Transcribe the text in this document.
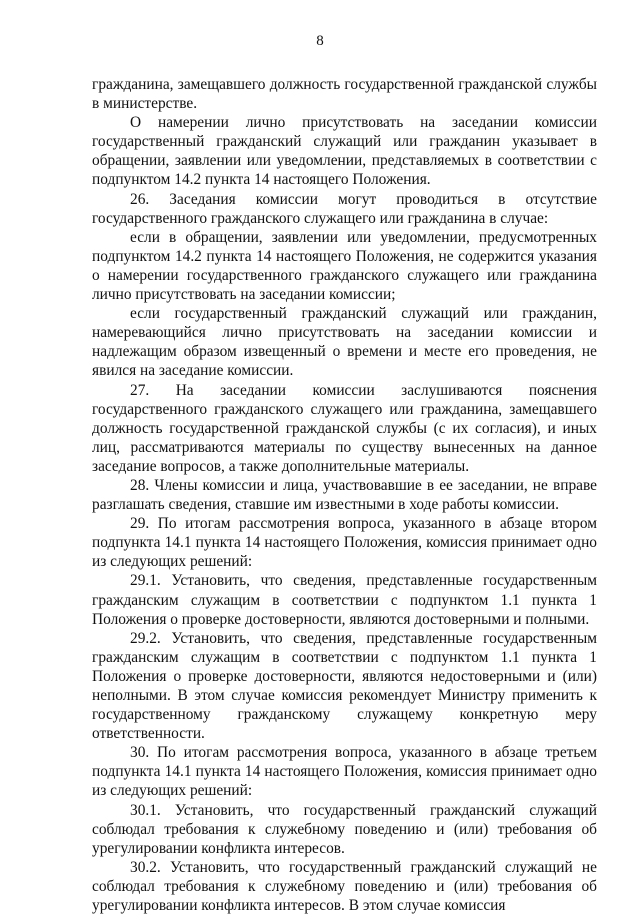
8

гражданина, замещавшего должность государственной гражданской службы в министерстве.

О намерении лично присутствовать на заседании комиссии государственный гражданский служащий или гражданин указывает в обращении, заявлении или уведомлении, представляемых в соответствии с подпунктом 14.2 пункта 14 настоящего Положения.

26. Заседания комиссии могут проводиться в отсутствие государственного гражданского служащего или гражданина в случае:

если в обращении, заявлении или уведомлении, предусмотренных подпунктом 14.2 пункта 14 настоящего Положения, не содержится указания о намерении государственного гражданского служащего или гражданина лично присутствовать на заседании комиссии;

если государственный гражданский служащий или гражданин, намеревающийся лично присутствовать на заседании комиссии и надлежащим образом извещенный о времени и месте его проведения, не явился на заседание комиссии.

27. На заседании комиссии заслушиваются пояснения государственного гражданского служащего или гражданина, замещавшего должность государственной гражданской службы (с их согласия), и иных лиц, рассматриваются материалы по существу вынесенных на данное заседание вопросов, а также дополнительные материалы.

28. Члены комиссии и лица, участвовавшие в ее заседании, не вправе разглашать сведения, ставшие им известными в ходе работы комиссии.

29. По итогам рассмотрения вопроса, указанного в абзаце втором подпункта 14.1 пункта 14 настоящего Положения, комиссия принимает одно из следующих решений:

29.1. Установить, что сведения, представленные государственным гражданским служащим в соответствии с подпунктом 1.1 пункта 1 Положения о проверке достоверности, являются достоверными и полными.

29.2. Установить, что сведения, представленные государственным гражданским служащим в соответствии с подпунктом 1.1 пункта 1 Положения о проверке достоверности, являются недостоверными и (или) неполными. В этом случае комиссия рекомендует Министру применить к государственному гражданскому служащему конкретную меру ответственности.

30. По итогам рассмотрения вопроса, указанного в абзаце третьем подпункта 14.1 пункта 14 настоящего Положения, комиссия принимает одно из следующих решений:

30.1. Установить, что государственный гражданский служащий соблюдал требования к служебному поведению и (или) требования об урегулировании конфликта интересов.

30.2. Установить, что государственный гражданский служащий не соблюдал требования к служебному поведению и (или) требования об урегулировании конфликта интересов. В этом случае комиссия
